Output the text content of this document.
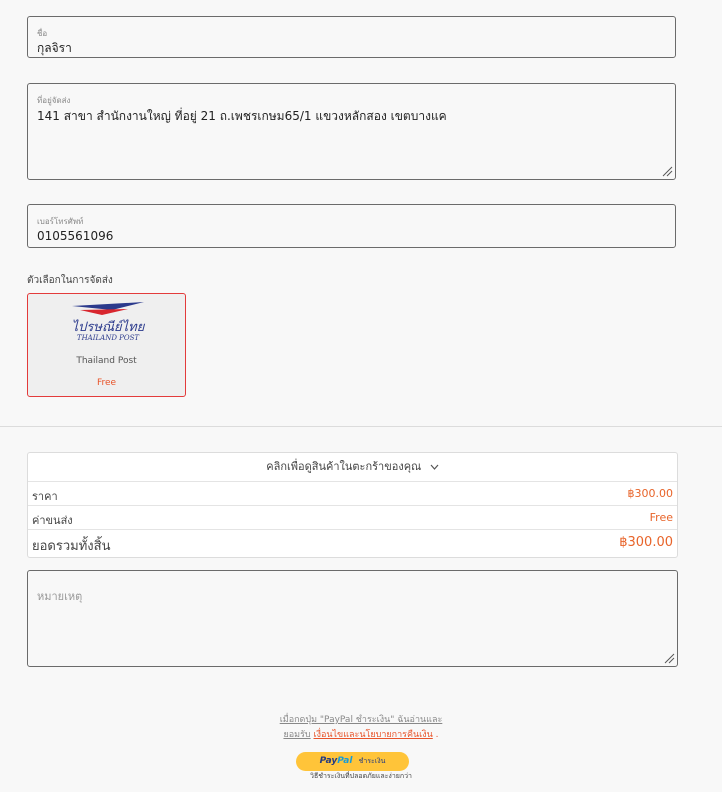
ชื่อ
กุลจิรา
ที่อยู่จัดส่ง
141 สาขา สำนักงานใหญ่ ที่อยู่ 21 ถ.เพชรเกษม65/1 แขวงหลักสอง เขตบางแค
เบอร์โทรศัพท์
0105561096
ตัวเลือกในการจัดส่ง
ไปรษณีย์ไทย
THAILAND POST
Thailand Post
Free
คลิกเพื่อดูสินค้าในตะกร้าของคุณ
ราคา	฿300.00
ค่าขนส่ง	Free
ยอดรวมทั้งสิ้น	฿300.00
หมายเหตุ
เมื่อกดปุ่ม "PayPal ชำระเงิน" ฉันอ่านและ
ยอมรับ เงื่อนไขและนโยบายการคืนเงิน .
PayPal ชำระเงิน
วิธีชำระเงินที่ปลอดภัยและง่ายกว่า
